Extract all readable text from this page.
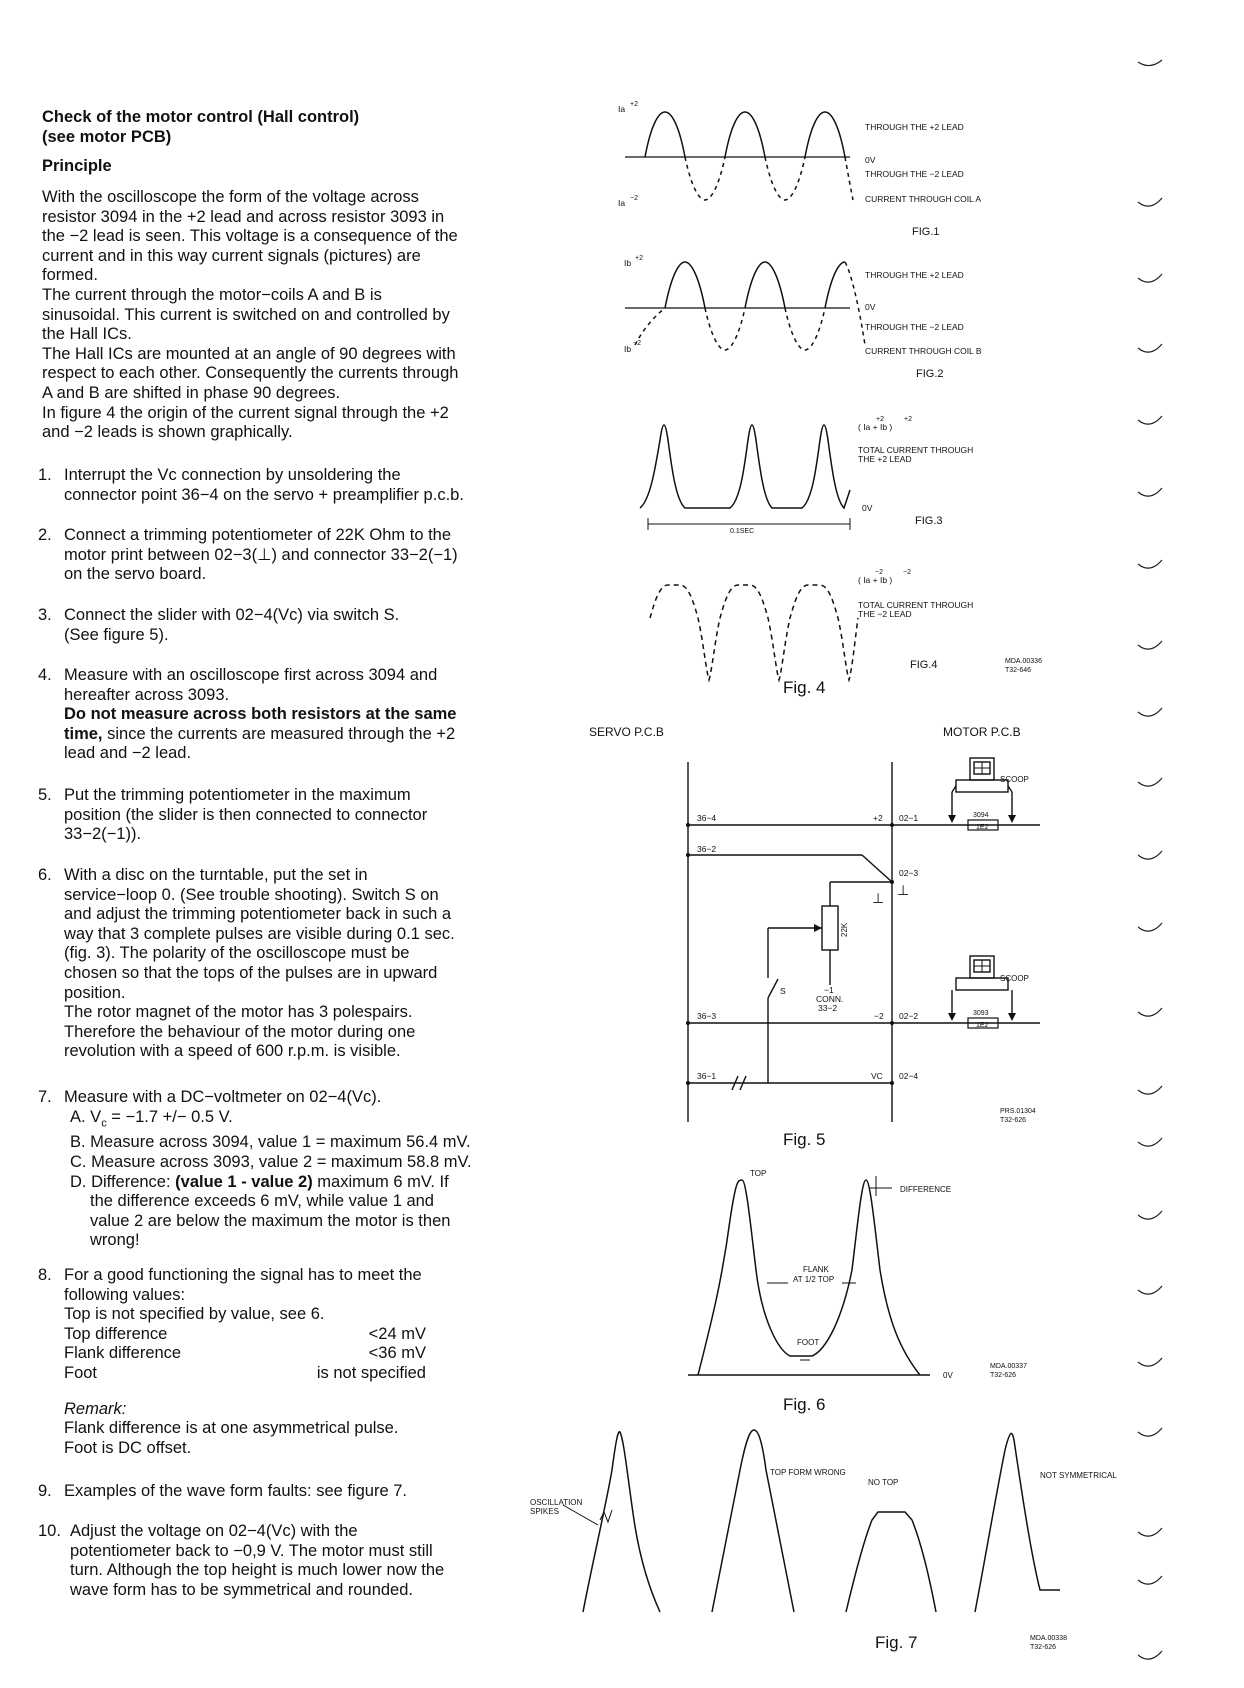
Check of the motor control (Hall control)
(see motor PCB)
Principle
With the oscilloscope the form of the voltage across
resistor 3094 in the +2 lead and across resistor 3093 in
the −2 lead is seen. This voltage is a consequence of the
current and in this way current signals (pictures) are
formed.
The current through the motor−coils A and B is
sinusoidal. This current is switched on and controlled by
the Hall ICs.
The Hall ICs are mounted at an angle of 90 degrees with
respect to each other. Consequently the currents through
A and B are shifted in phase 90 degrees.
In figure 4 the origin of the current signal through the +2
and −2 leads is shown graphically.
1. Interrupt the Vc connection by unsoldering the
connector point 36−4 on the servo + preamplifier p.c.b.
2. Connect a trimming potentiometer of 22K Ohm to the
motor print between 02−3(⊥) and connector 33−2(−1)
on the servo board.
3. Connect the slider with 02−4(Vc) via switch S.
(See figure 5).
4. Measure with an oscilloscope first across 3094 and
hereafter across 3093.
Do not measure across both resistors at the same
time, since the currents are measured through the +2
lead and −2 lead.
5. Put the trimming potentiometer in the maximum
position (the slider is then connected to connector
33−2(−1)).
6. With a disc on the turntable, put the set in
service−loop 0. (See trouble shooting). Switch S on
and adjust the trimming potentiometer back in such a
way that 3 complete pulses are visible during 0.1 sec.
(fig. 3). The polarity of the oscilloscope must be
chosen so that the tops of the pulses are in upward
position.
The rotor magnet of the motor has 3 polespairs.
Therefore the behaviour of the motor during one
revolution with a speed of 600 r.p.m. is visible.
7. Measure with a DC−voltmeter on 02−4(Vc).
A. $V_c = -1.7$ +/− 0.5 V.
B. Measure across 3094, value 1 = maximum 56.4 mV.
C. Measure across 3093, value 2 = maximum 58.8 mV.
D. Difference: (value 1 - value 2) maximum 6 mV. If
the difference exceeds 6 mV, while value 1 and
value 2 are below the maximum the motor is then
wrong!
8. For a good functioning the signal has to meet the
following values:
Top is not specified by value, see 6.
Top difference	<24 mV
Flank difference	<36 mV
Foot	is not specified
Remark:
Flank difference is at one asymmetrical pulse.
Foot is DC offset.
9. Examples of the wave form faults: see figure 7.
10. Adjust the voltage on 02−4(Vc) with the
potentiometer back to −0,9 V. The motor must still
turn. Although the top height is much lower now the
wave form has to be symmetrical and rounded.
Ia +2
Ia −2
THROUGH THE +2 LEAD
0V
THROUGH THE −2 LEAD
CURRENT THROUGH COIL A
FIG.1
Ib +2
Ib
−2
THROUGH THE +2 LEAD
0V
THROUGH THE −2 LEAD
CURRENT THROUGH COIL B
FIG.2
( Ia + Ib )
+2	+2
TOTAL CURRENT THROUGH
THE +2 LEAD
0V
FIG.3
0.1SEC
( Ia + Ib )
−2	−2
TOTAL CURRENT THROUGH
THE −2 LEAD
FIG.4	MDA.00336
T32-646
Fig. 4
SERVO P.C.B	MOTOR P.C.B
SCOOP
SCOOP
3094
1E2
3093
1E2
36−4
36−2
36−3
36−1
+2
−2
VC
02−1
02−3
02−2
02−4
22K
S	−1
CONN.
33−2
⊥
⊥
PRS.01304
T32-626
Fig. 5
TOP
DIFFERENCE
FLANK
AT 1/2 TOP
FOOT
0V
MDA.00337
T32-626
Fig. 6
OSCILLATION
SPIKES
TOP FORM WRONG
NO TOP
NOT SYMMETRICAL
MDA.00338
T32-626
Fig. 7
